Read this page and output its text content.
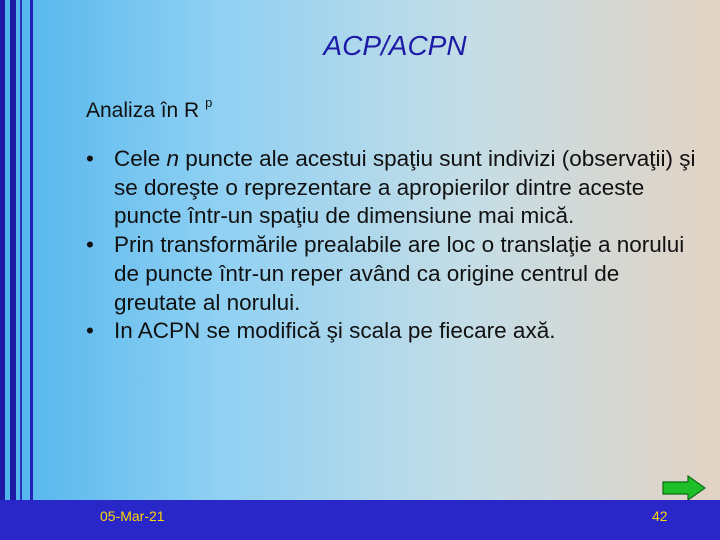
ACP/ACPN
Analiza în R $^p$
• Cele n puncte ale acestui spaţiu sunt indivizi (observaţii) şi se doreşte o reprezentare a apropierilor dintre aceste puncte într-un spaţiu de dimensiune mai mică.
• Prin transformările prealabile are loc o translaţie a norului de puncte într-un reper având ca origine centrul de greutate al norului.
• In ACPN se modifică şi scala pe fiecare axă.
05-Mar-21	42
